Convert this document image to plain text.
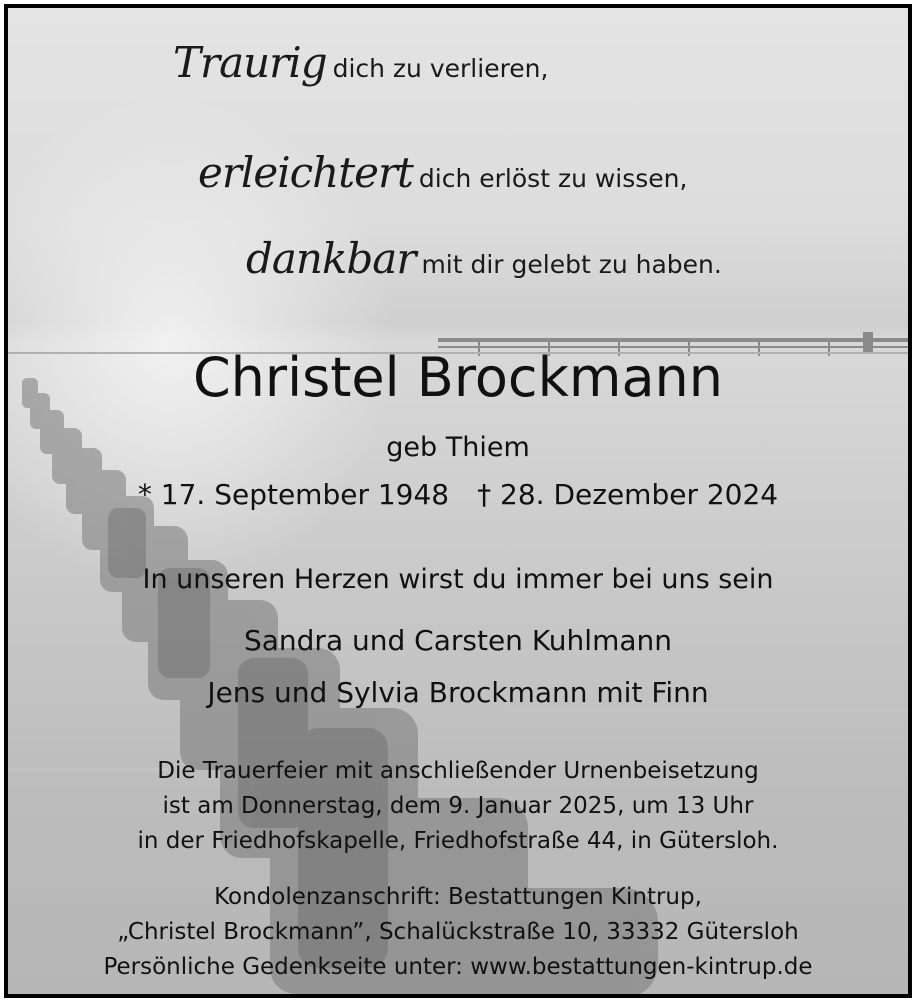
Traurig dich zu verlieren,
erleichtert dich erlöst zu wissen,
dankbar mit dir gelebt zu haben.
Christel Brockmann
geb Thiem
* 17. September 1948 † 28. Dezember 2024
In unseren Herzen wirst du immer bei uns sein
Sandra und Carsten Kuhlmann
Jens und Sylvia Brockmann mit Finn
Die Trauerfeier mit anschließender Urnenbeisetzung
ist am Donnerstag, dem 9. Januar 2025, um 13 Uhr
in der Friedhofskapelle, Friedhofstraße 44, in Gütersloh.
Kondolenzanschrift: Bestattungen Kintrup,
„Christel Brockmann”, Schalückstraße 10, 33332 Gütersloh
Persönliche Gedenkseite unter: www.bestattungen-kintrup.de
